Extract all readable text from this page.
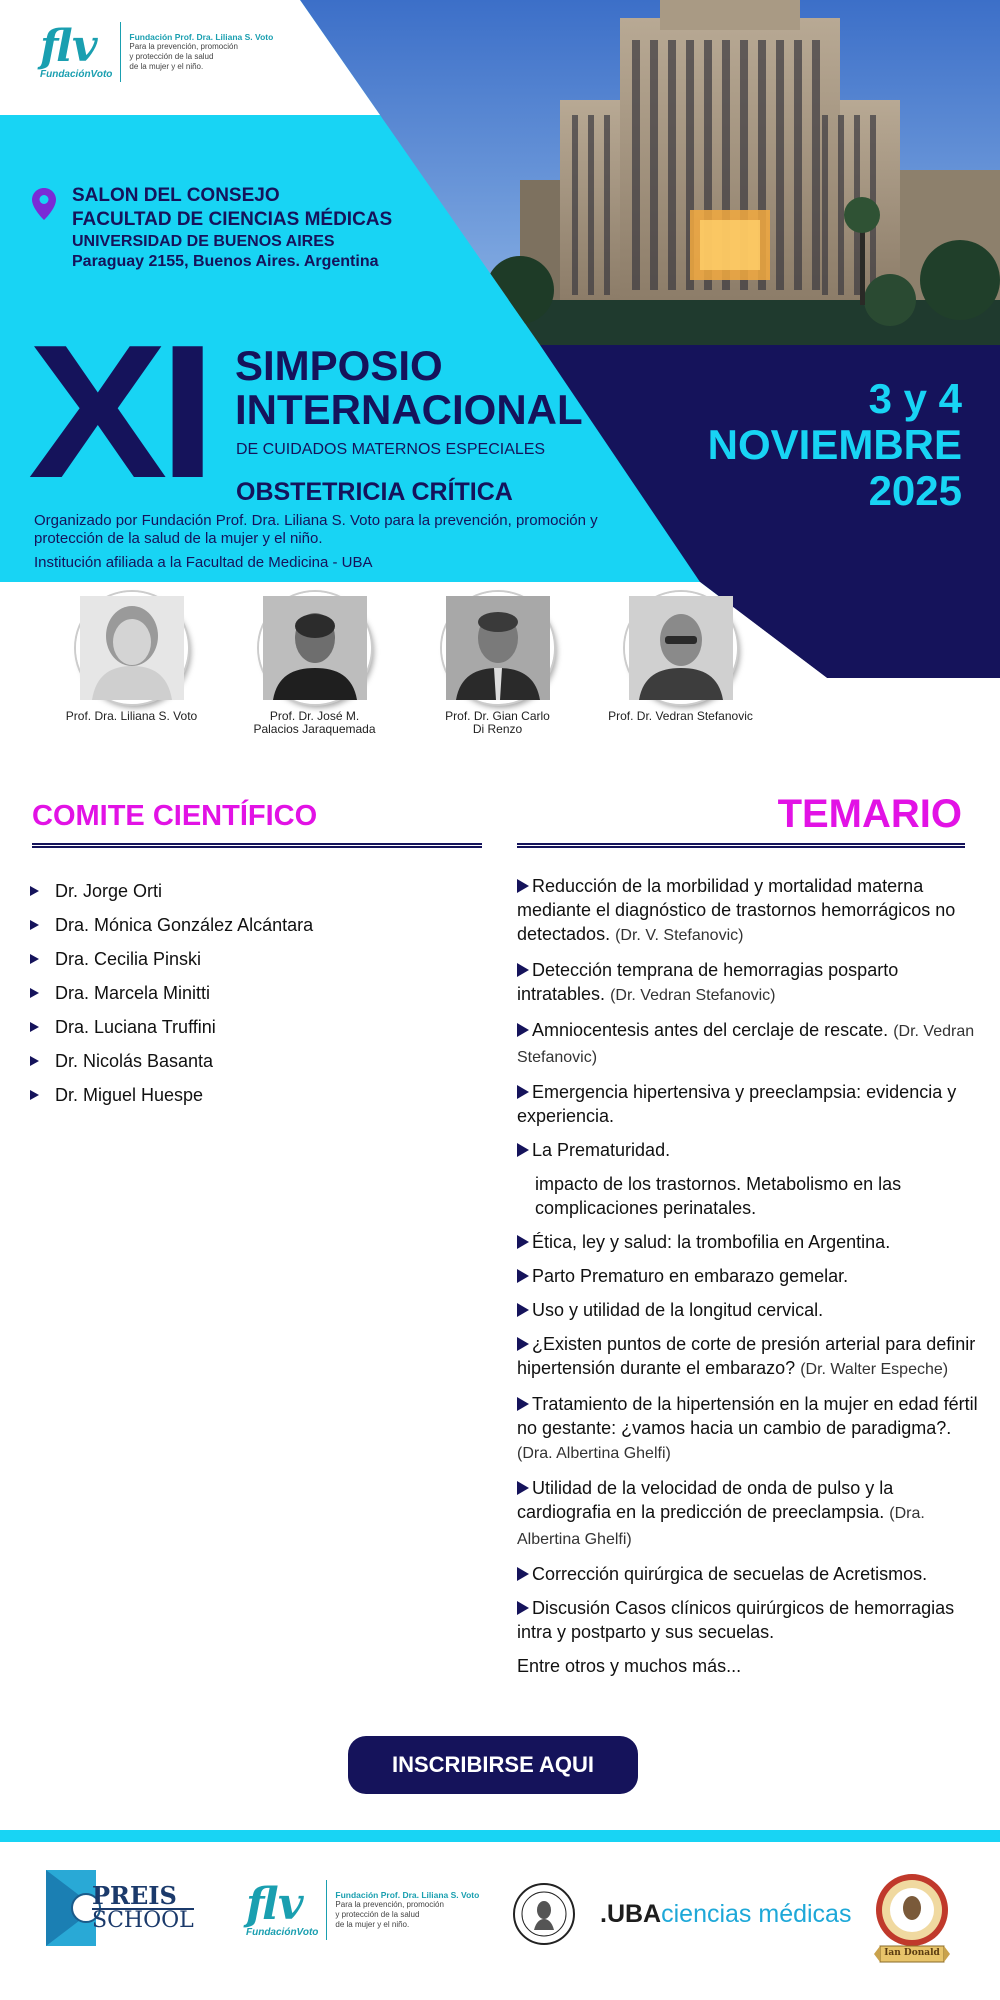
flv
FundaciónVoto
Fundación Prof. Dra. Liliana S. Voto
Para la prevención, promoción
y protección de la salud
de la mujer y el niño.
SALON DEL CONSEJO
FACULTAD DE CIENCIAS MÉDICAS
UNIVERSIDAD DE BUENOS AIRES
Paraguay 2155, Buenos Aires. Argentina
XI SIMPOSIO
INTERNACIONAL
DE CUIDADOS MATERNOS ESPECIALES
OBSTETRICIA CRÍTICA
Organizado por Fundación Prof. Dra. Liliana S. Voto para la prevención, promoción y protección de la salud de la mujer y el niño.
Institución afiliada a la Facultad de Medicina - UBA
3 y 4
NOVIEMBRE
2025
Prof. Dra. Liliana S. Voto	Prof. Dr. José M.
Palacios Jaraquemada
Prof. Dr. Gian Carlo
Di Renzo
Prof. Dr. Vedran Stefanovic
COMITE CIENTÍFICO
Dr. Jorge Orti
Dra. Mónica González Alcántara
Dra. Cecilia Pinski
Dra. Marcela Minitti
Dra. Luciana Truffini
Dr. Nicolás Basanta
Dr. Miguel Huespe
TEMARIO
Reducción de la morbilidad y mortalidad materna mediante el diagnóstico de trastornos hemorrágicos no detectados. (Dr. V. Stefanovic)
Detección temprana de hemorragias posparto intratables. (Dr. Vedran Stefanovic)
Amniocentesis antes del cerclaje de rescate. (Dr. Vedran Stefanovic)
Emergencia hipertensiva y preeclampsia: evidencia y experiencia.
La Prematuridad.
impacto de los trastornos. Metabolismo en las complicaciones perinatales.
Ética, ley y salud: la trombofilia en Argentina.
Parto Prematuro en embarazo gemelar.
Uso y utilidad de la longitud cervical.
¿Existen puntos de corte de presión arterial para definir hipertensión durante el embarazo? (Dr. Walter Espeche)
Tratamiento de la hipertensión en la mujer en edad fértil no gestante: ¿vamos hacia un cambio de paradigma?. (Dra. Albertina Ghelfi)
Utilidad de la velocidad de onda de pulso y la cardiografia en la predicción de preeclampsia. (Dra. Albertina Ghelfi)
Corrección quirúrgica de secuelas de Acretismos.
Discusión Casos clínicos quirúrgicos de hemorragias intra y postparto y sus secuelas.
Entre otros y muchos más...
INSCRIBIRSE AQUI
PREIS
SCHOOL flv
FundaciónVoto
Fundación Prof. Dra. Liliana S. Voto
Para la prevención, promoción
y protección de la salud
de la mujer y el niño.	.UBAciencias médicas
Ian Donald
